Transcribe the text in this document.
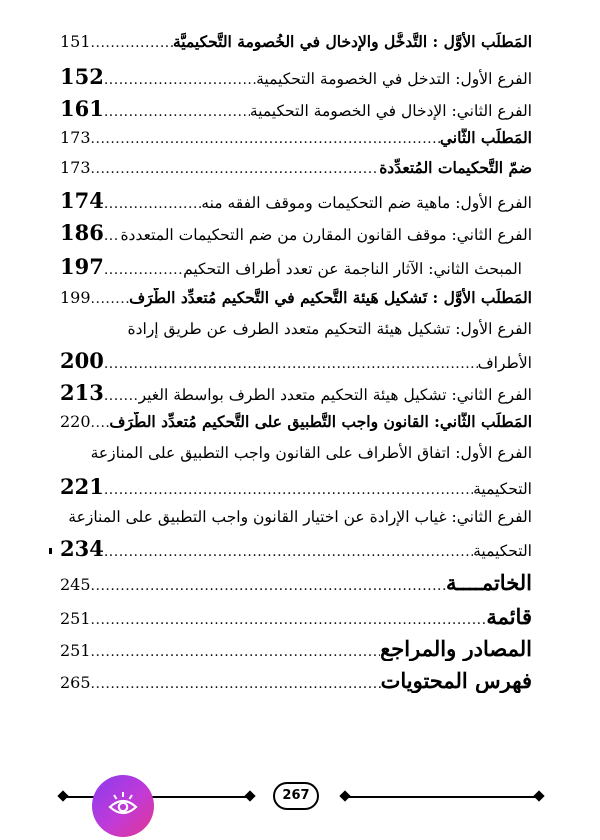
المَطلَب الأوَّل : التَّدخُّل والإدخال في الخُصومة التَّحكيميَّة
.....
151
الفرع الأول: التدخل في الخصومة التحكيمية
.....
152
الفرع الثاني: الإدخال في الخصومة التحكيمية
.....
161
المَطلَب الثَّاني
.....
173
ضمّ التَّحكيمات المُتعدِّدة
.....
173
الفرع الأول: ماهية ضم التحكيمات وموقف الفقه منه
.....
174
الفرع الثاني: موقف القانون المقارن من ضم التحكيمات المتعددة
.....
186
المبحث الثاني: الآثار الناجمة عن تعدد أطراف التحكيم
.....
197
المَطلَب الأوَّل : تَشكيل هَيئة التَّحكيم في التَّحكيم مُتعدِّد الطَّرَف
.....
199
الفرع الأول: تشكيل هيئة التحكيم متعدد الطرف عن طريق إرادة
الأطراف
.....
200
الفرع الثاني: تشكيل هيئة التحكيم متعدد الطرف بواسطة الغير
.....
213
المَطلَب الثَّاني: القانون واجب التَّطبيق على التَّحكيم مُتعدِّد الطَّرَف
.....
220
الفرع الأول: اتفاق الأطراف على القانون واجب التطبيق على المنازعة
التحكيمية
.....
221
الفرع الثاني: غياب الإرادة عن اختيار القانون واجب التطبيق على المنازعة
التحكيمية
.....
234
الخاتمــــة
.....
245
قائمة
.....
251
المصادر والمراجع
.....
251
فهرس المحتويات
.....
265
267
